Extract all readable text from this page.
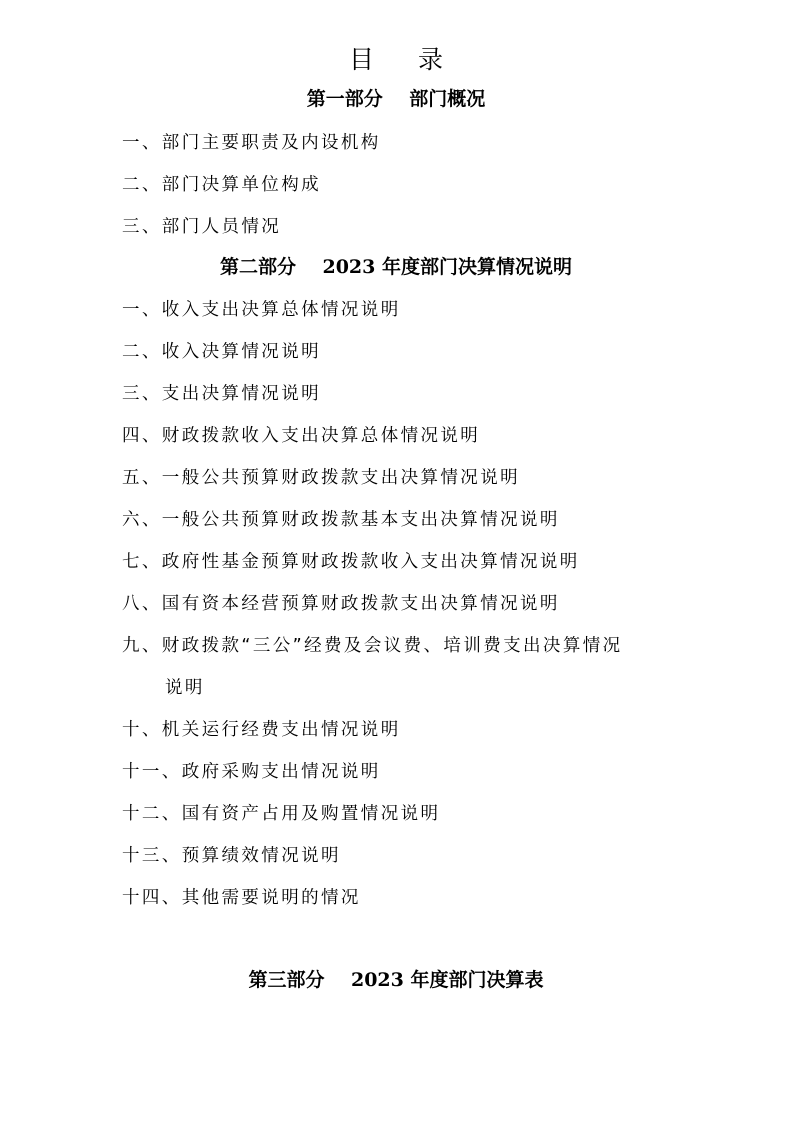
目 录
第一部分    部门概况
一、部门主要职责及内设机构
二、部门决算单位构成
三、部门人员情况
第二部分    2023 年度部门决算情况说明
一、收入支出决算总体情况说明
二、收入决算情况说明
三、支出决算情况说明
四、财政拨款收入支出决算总体情况说明
五、一般公共预算财政拨款支出决算情况说明
六、一般公共预算财政拨款基本支出决算情况说明
七、政府性基金预算财政拨款收入支出决算情况说明
八、国有资本经营预算财政拨款支出决算情况说明
九、财政拨款“三公”经费及会议费、培训费支出决算情况
说明
十、机关运行经费支出情况说明
十一、政府采购支出情况说明
十二、国有资产占用及购置情况说明
十三、预算绩效情况说明
十四、其他需要说明的情况
第三部分    2023 年度部门决算表
